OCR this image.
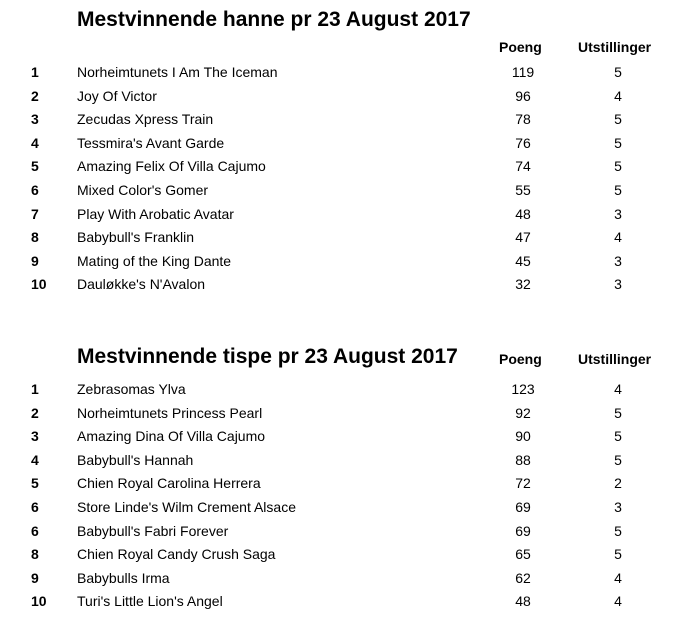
Mestvinnende hanne pr 23 August 2017
Poeng	Utstillinger
1	Norheimtunets I Am The Iceman	119	5
2	Joy Of Victor	96	4
3	Zecudas Xpress Train	78	5
4	Tessmira's Avant Garde	76	5
5	Amazing Felix Of Villa Cajumo	74	5
6	Mixed Color's Gomer	55	5
7	Play With Arobatic Avatar	48	3
8	Babybull's Franklin	47	4
9	Mating of the King Dante	45	3
10 Dauløkke's N'Avalon	32	3
Mestvinnende tispe pr 23 August 2017	Poeng	Utstillinger
1	Zebrasomas Ylva	123	4
2	Norheimtunets Princess Pearl	92	5
3	Amazing Dina Of Villa Cajumo	90	5
4	Babybull's Hannah	88	5
5	Chien Royal Carolina Herrera	72	2
6	Store Linde's Wilm Crement Alsace	69	3
6	Babybull's Fabri Forever	69	5
8	Chien Royal Candy Crush Saga	65	5
9	Babybulls Irma	62	4
10 Turi's Little Lion's Angel	48	4
